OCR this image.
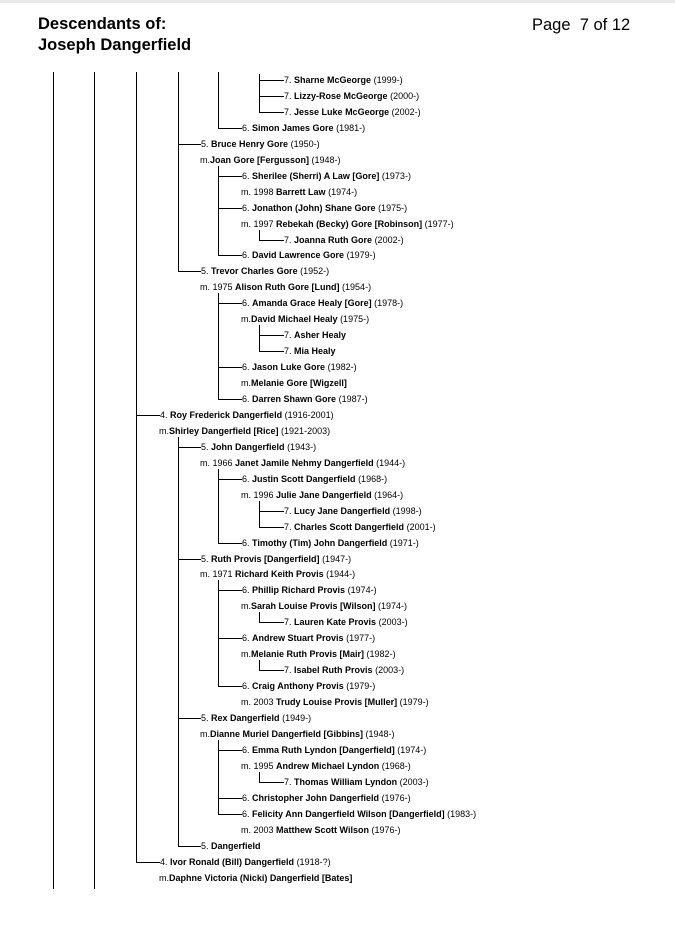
Descendants of:
Joseph Dangerfield
Page 7 of 12
7. Sharne McGeorge (1999-)
7. Lizzy-Rose McGeorge (2000-)
7. Jesse Luke McGeorge (2002-)
6. Simon James Gore (1981-)
5. Bruce Henry Gore (1950-)
m.Joan Gore [Fergusson] (1948-)
6. Sherilee (Sherri) A Law [Gore] (1973-)
m. 1998 Barrett Law (1974-)
6. Jonathon (John) Shane Gore (1975-)
m. 1997 Rebekah (Becky) Gore [Robinson] (1977-)
7. Joanna Ruth Gore (2002-)
6. David Lawrence Gore (1979-)
5. Trevor Charles Gore (1952-)
m. 1975 Alison Ruth Gore [Lund] (1954-)
6. Amanda Grace Healy [Gore] (1978-)
m.David Michael Healy (1975-)
7. Asher Healy
7. Mia Healy
6. Jason Luke Gore (1982-)
m.Melanie Gore [Wigzell]
6. Darren Shawn Gore (1987-)
4. Roy Frederick Dangerfield (1916-2001)
m.Shirley Dangerfield [Rice] (1921-2003)
5. John Dangerfield (1943-)
m. 1966 Janet Jamile Nehmy Dangerfield (1944-)
6. Justin Scott Dangerfield (1968-)
m. 1996 Julie Jane Dangerfield (1964-)
7. Lucy Jane Dangerfield (1998-)
7. Charles Scott Dangerfield (2001-)
6. Timothy (Tim) John Dangerfield (1971-)
5. Ruth Provis [Dangerfield] (1947-)
m. 1971 Richard Keith Provis (1944-)
6. Phillip Richard Provis (1974-)
m.Sarah Louise Provis [Wilson] (1974-)
7. Lauren Kate Provis (2003-)
6. Andrew Stuart Provis (1977-)
m.Melanie Ruth Provis [Mair] (1982-)
7. Isabel Ruth Provis (2003-)
6. Craig Anthony Provis (1979-)
m. 2003 Trudy Louise Provis [Muller] (1979-)
5. Rex Dangerfield (1949-)
m.Dianne Muriel Dangerfield [Gibbins] (1948-)
6. Emma Ruth Lyndon [Dangerfield] (1974-)
m. 1995 Andrew Michael Lyndon (1968-)
7. Thomas William Lyndon (2003-)
6. Christopher John Dangerfield (1976-)
6. Felicity Ann Dangerfield Wilson [Dangerfield] (1983-)
m. 2003 Matthew Scott Wilson (1976-)
5. Dangerfield
4. Ivor Ronald (Bill) Dangerfield (1918-?)
m.Daphne Victoria (Nicki) Dangerfield [Bates]
